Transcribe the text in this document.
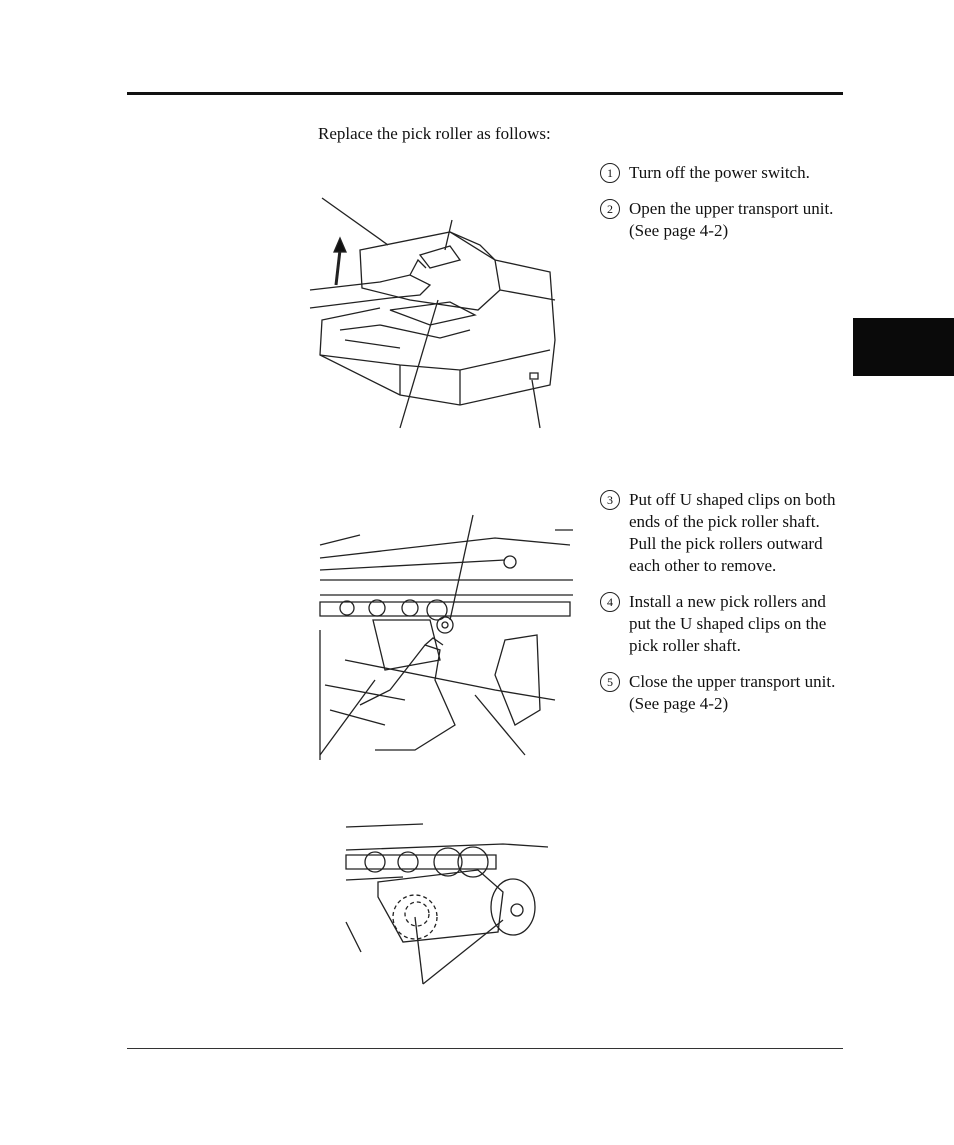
Replace the pick roller as follows:
1 Turn off the power switch.
2 Open the upper transport unit. (See page 4-2)
3 Put off U shaped clips on both ends of the pick roller shaft. Pull the pick rollers outward each other to remove.
4 Install a new pick rollers and put the U shaped clips on the pick roller shaft.
5 Close the upper transport unit. (See page 4-2)
